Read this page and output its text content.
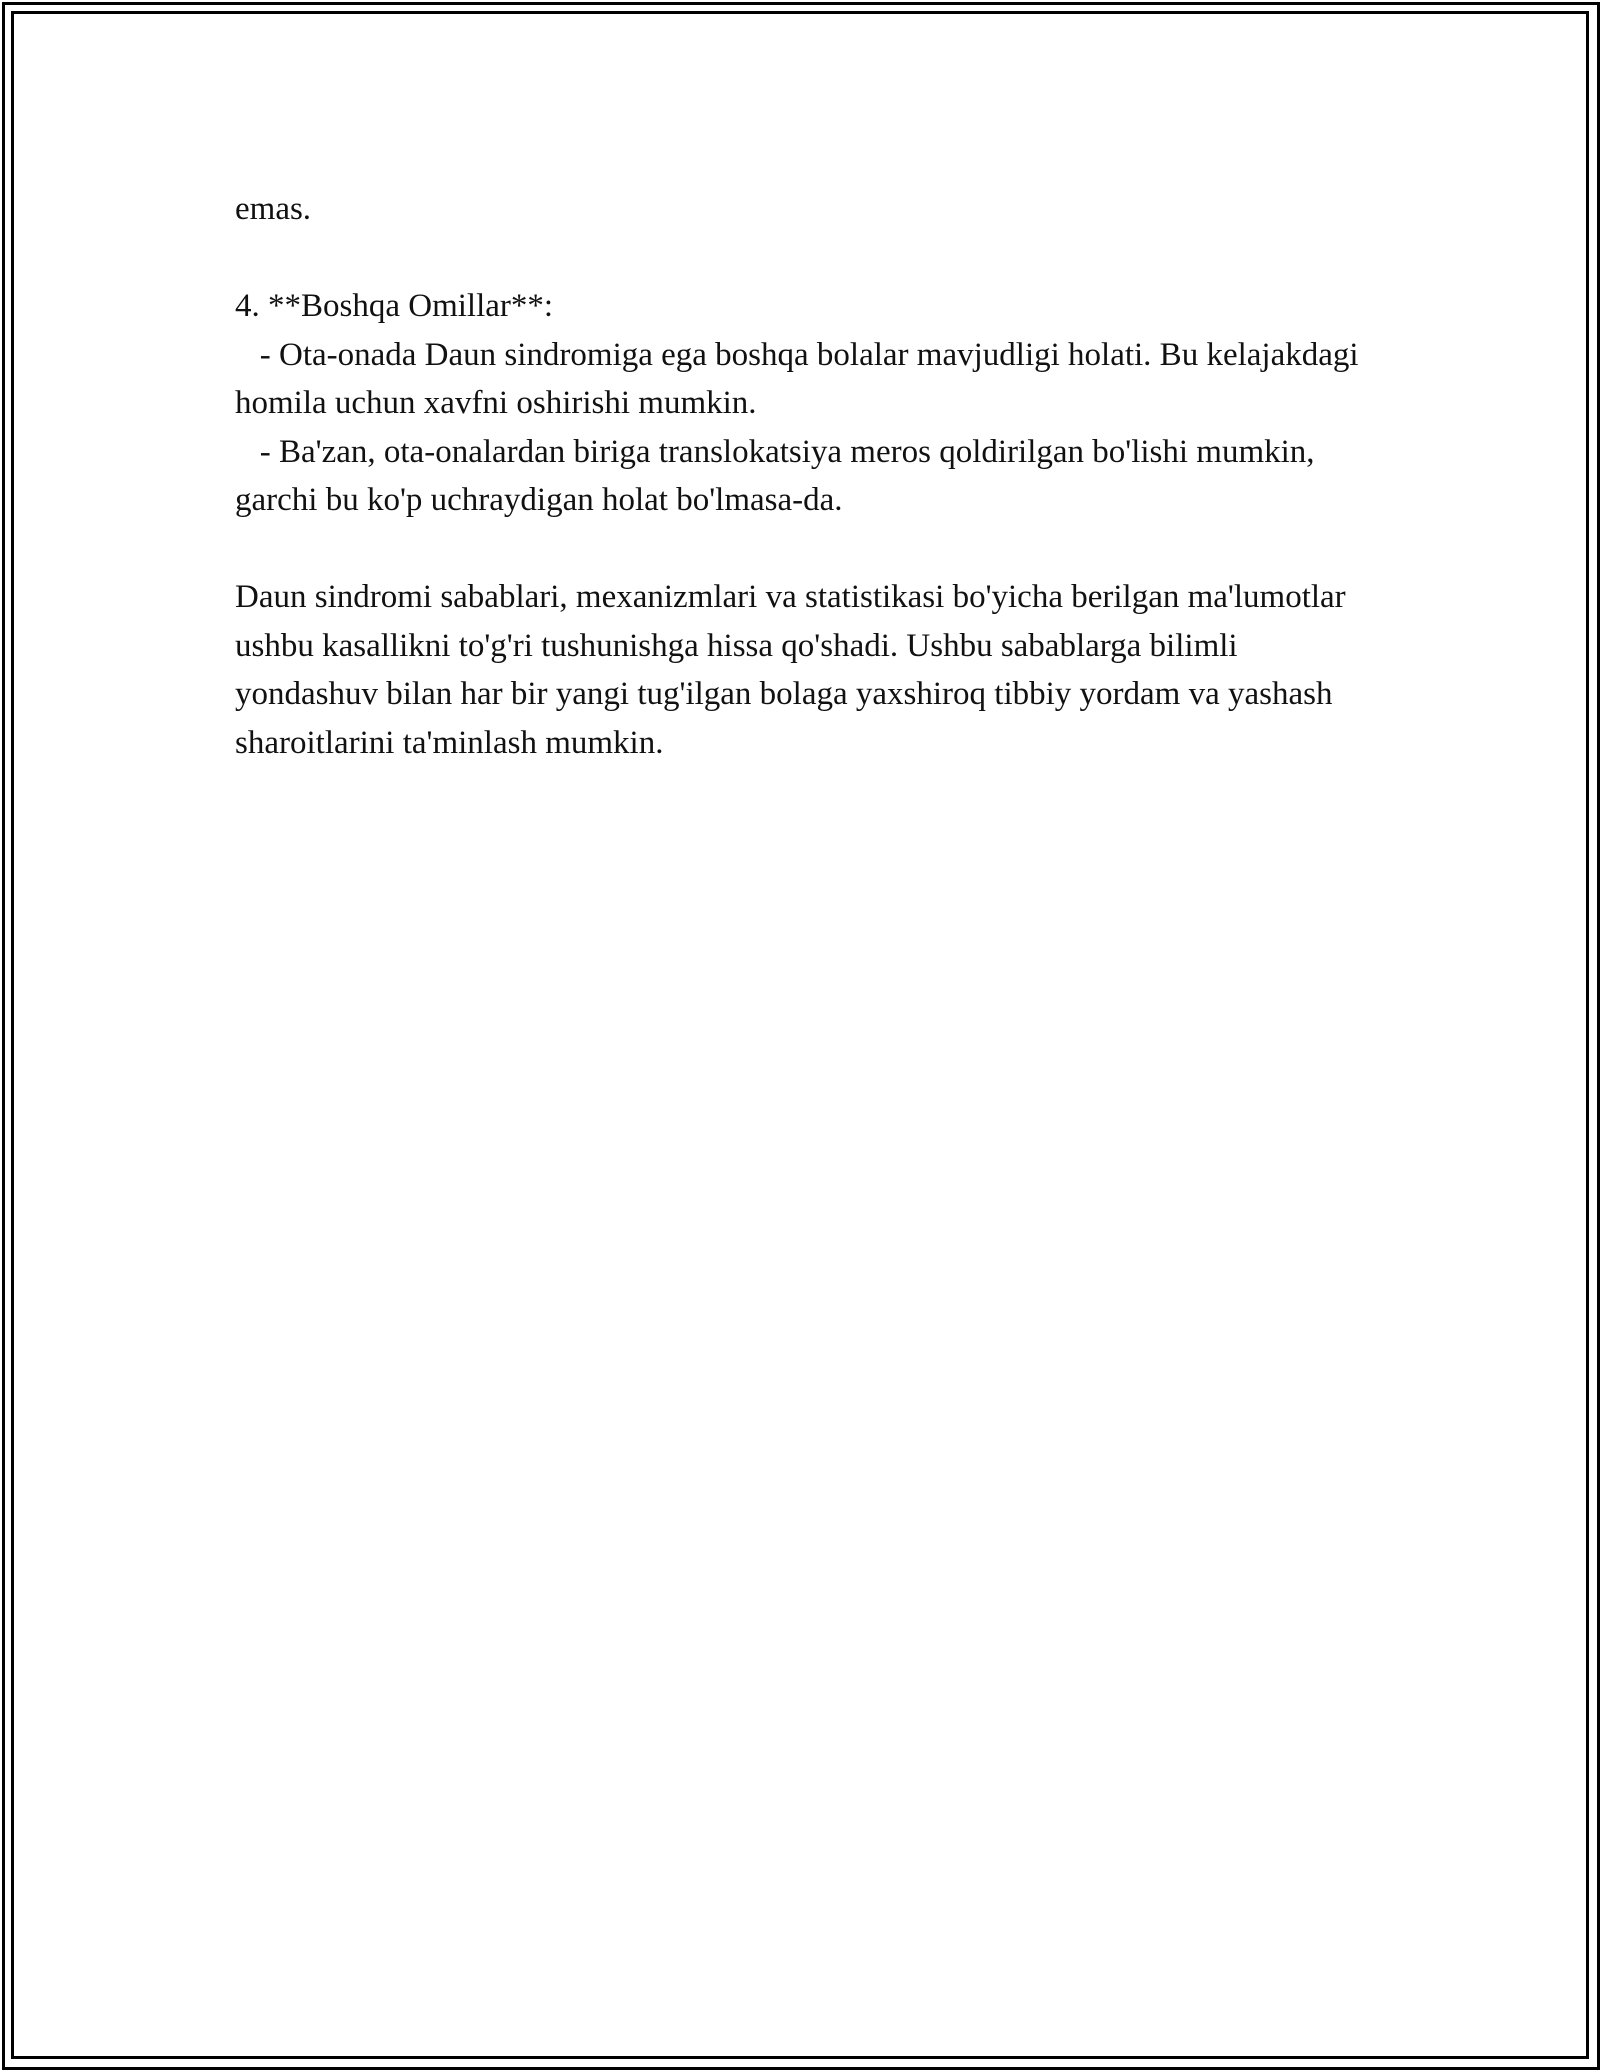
emas.

4. **Boshqa Omillar**:

- Ota-onada Daun sindromiga ega boshqa bolalar mavjudligi holati. Bu kelajakdagi homila uchun xavfni oshirishi mumkin.

- Ba'zan, ota-onalardan biriga translokatsiya meros qoldirilgan bo'lishi mumkin, garchi bu ko'p uchraydigan holat bo'lmasa-da.

Daun sindromi sabablari, mexanizmlari va statistikasi bo'yicha berilgan ma'lumotlar ushbu kasallikni to'g'ri tushunishga hissa qo'shadi. Ushbu sabablarga bilimli yondashuv bilan har bir yangi tug'ilgan bolaga yaxshiroq tibbiy yordam va yashash sharoitlarini ta'minlash mumkin.
